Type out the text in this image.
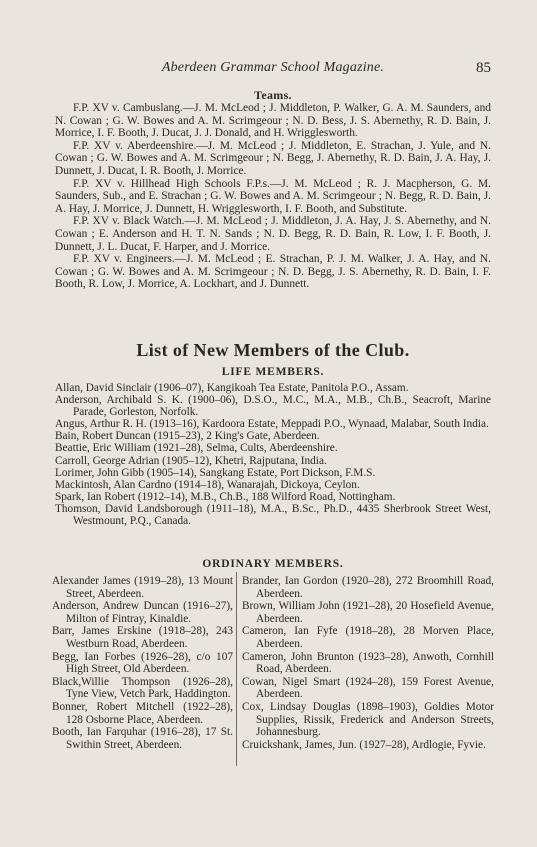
Aberdeen Grammar School Magazine.	85
Teams.

F.P. XV v. Cambuslang.—J. M. McLeod ; J. Middleton, P. Walker, G. A. M. Saunders, and N. Cowan ; G. W. Bowes and A. M. Scrimgeour ; N. D. Bess, J. S. Abernethy, R. D. Bain, J. Morrice, I. F. Booth, J. Ducat, J. J. Donald, and H. Wrigglesworth.

F.P. XV v. Aberdeenshire.—J. M. McLeod ; J. Middleton, E. Strachan, J. Yule, and N. Cowan ; G. W. Bowes and A. M. Scrimgeour ; N. Begg, J. Abernethy, R. D. Bain, J. A. Hay, J. Dunnett, J. Ducat, I. R. Booth, J. Morrice.

F.P. XV v. Hillhead High Schools F.P.s.—J. M. McLeod ; R. J. Macpherson, G. M. Saunders, Sub., and E. Strachan ; G. W. Bowes and A. M. Scrimgeour ; N. Begg, R. D. Bain, J. A. Hay, J. Morrice, J. Dunnett, H. Wrigglesworth, I. F. Booth, and Substitute.

F.P. XV v. Black Watch.—J. M. McLeod ; J. Middleton, J. A. Hay, J. S. Abernethy, and N. Cowan ; E. Anderson and H. T. N. Sands ; N. D. Begg, R. D. Bain, R. Low, I. F. Booth, J. Dunnett, J. L. Ducat, F. Harper, and J. Morrice.

F.P. XV v. Engineers.—J. M. McLeod ; E. Strachan, P. J. M. Walker, J. A. Hay, and N. Cowan ; G. W. Bowes and A. M. Scrimgeour ; N. D. Begg, J. S. Abernethy, R. D. Bain, I. F. Booth, R. Low, J. Morrice, A. Lockhart, and J. Dunnett.

List of New Members of the Club.
LIFE MEMBERS.

Allan, David Sinclair (1906–07), Kangikoah Tea Estate, Panitola P.O., Assam.

Anderson, Archibald S. K. (1900–06), D.S.O., M.C., M.A., M.B., Ch.B., Seacroft, Marine Parade, Gorleston, Norfolk.

Angus, Arthur R. H. (1913–16), Kardoora Estate, Meppadi P.O., Wynaad, Malabar, South India.

Bain, Robert Duncan (1915–23), 2 King's Gate, Aberdeen.

Beattie, Eric William (1921–28), Selma, Cults, Aberdeenshire.

Carroll, George Adrian (1905–12), Khetri, Rajputana, India.

Lorimer, John Gibb (1905–14), Sangkang Estate, Port Dickson, F.M.S.

Mackintosh, Alan Cardno (1914–18), Wanarajah, Dickoya, Ceylon.

Spark, Ian Robert (1912–14), M.B., Ch.B., 188 Wilford Road, Nottingham.

Thomson, David Landsborough (1911–18), M.A., B.Sc., Ph.D., 4435 Sherbrook Street West, Westmount, P.Q., Canada.

ORDINARY MEMBERS.

Alexander James (1919–28), 13 Mount Street, Aberdeen.

Anderson, Andrew Duncan (1916–27), Milton of Fintray, Kinaldie.

Barr, James Erskine (1918–28), 243 Westburn Road, Aberdeen.

Begg, Ian Forbes (1926–28), c/o 107 High Street, Old Aberdeen.

Black,Willie Thompson (1926–28), Tyne View, Vetch Park, Haddington.

Bonner, Robert Mitchell (1922–28), 128 Osborne Place, Aberdeen.

Booth, Ian Farquhar (1916–28), 17 St. Swithin Street, Aberdeen.

Brander, Ian Gordon (1920–28), 272 Broomhill Road, Aberdeen.

Brown, William John (1921–28), 20 Hosefield Avenue, Aberdeen.

Cameron, Ian Fyfe (1918–28), 28 Morven Place, Aberdeen.

Cameron, John Brunton (1923–28), Anwoth, Cornhill Road, Aberdeen.

Cowan, Nigel Smart (1924–28), 159 Forest Avenue, Aberdeen.

Cox, Lindsay Douglas (1898–1903), Goldies Motor Supplies, Rissik, Frederick and Anderson Streets, Johannesburg.

Cruickshank, James, Jun. (1927–28), Ardlogie, Fyvie.
